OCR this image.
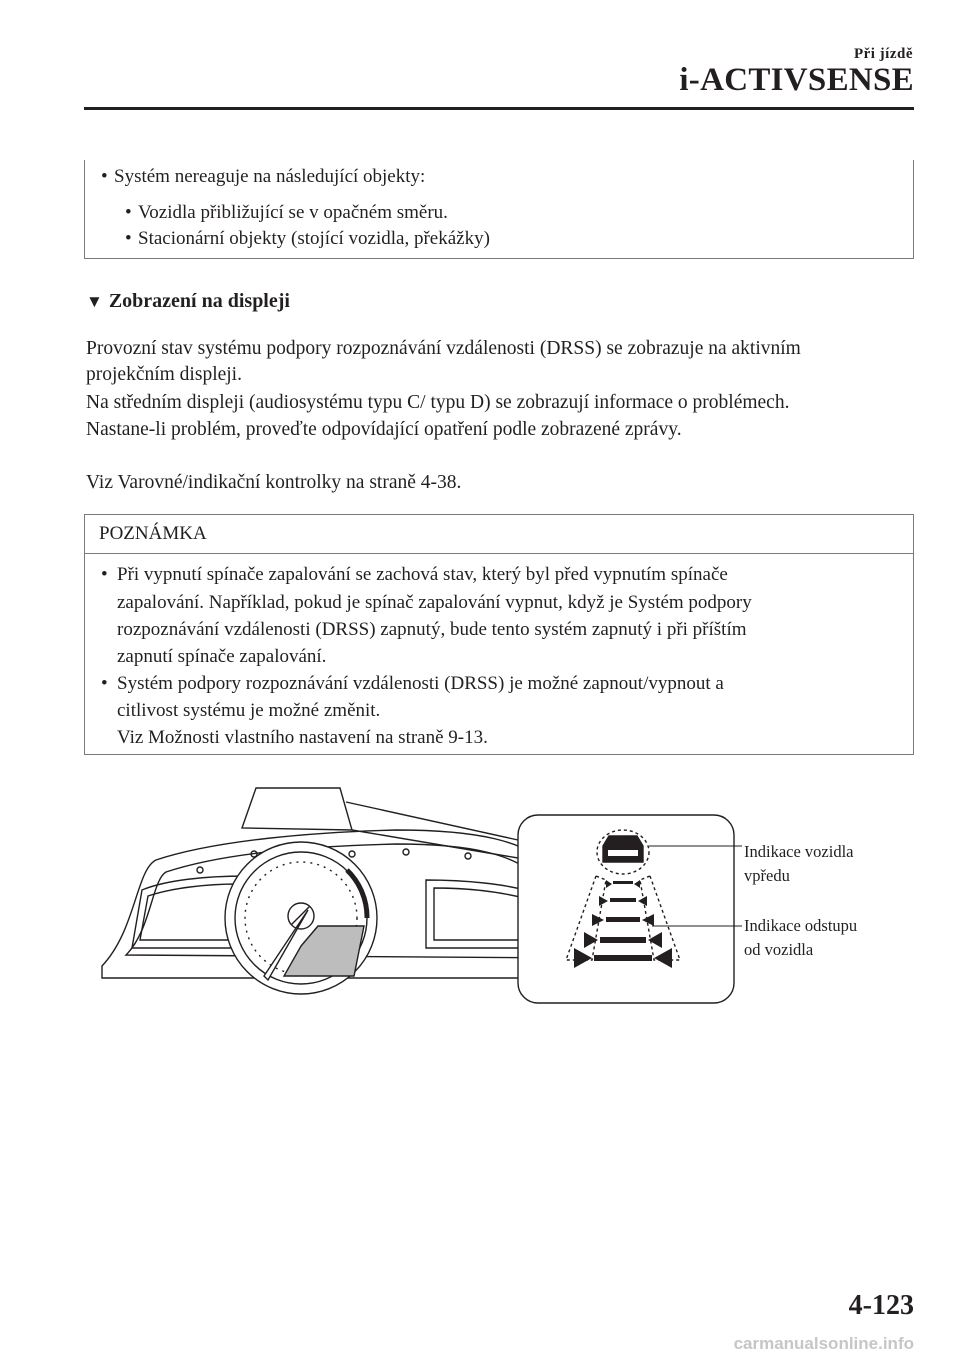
Při jízdě
i-ACTIVSENSE
• Systém nereaguje na následující objekty:
• Vozidla přibližující se v opačném směru.
• Stacionární objekty (stojící vozidla, překážky)
▼ Zobrazení na displeji
Provozní stav systému podpory rozpoznávání vzdálenosti (DRSS) se zobrazuje na aktivním
projekčním displeji.
Na středním displeji (audiosystému typu C/ typu D) se zobrazují informace o problémech.
Nastane-li problém, proveďte odpovídající opatření podle zobrazené zprávy.
Viz Varovné/indikační kontrolky na straně 4-38.
POZNÁMKA
• Při vypnutí spínače zapalování se zachová stav, který byl před vypnutím spínače
zapalování. Například, pokud je spínač zapalování vypnut, když je Systém podpory
rozpoznávání vzdálenosti (DRSS) zapnutý, bude tento systém zapnutý i při příštím
zapnutí spínače zapalování.
• Systém podpory rozpoznávání vzdálenosti (DRSS) je možné zapnout/vypnout a
citlivost systému je možné změnit.
Viz Možnosti vlastního nastavení na straně 9-13.
Indikace vozidla
vpředu
Indikace odstupu
od vozidla
4-123
carmanualsonline.info
